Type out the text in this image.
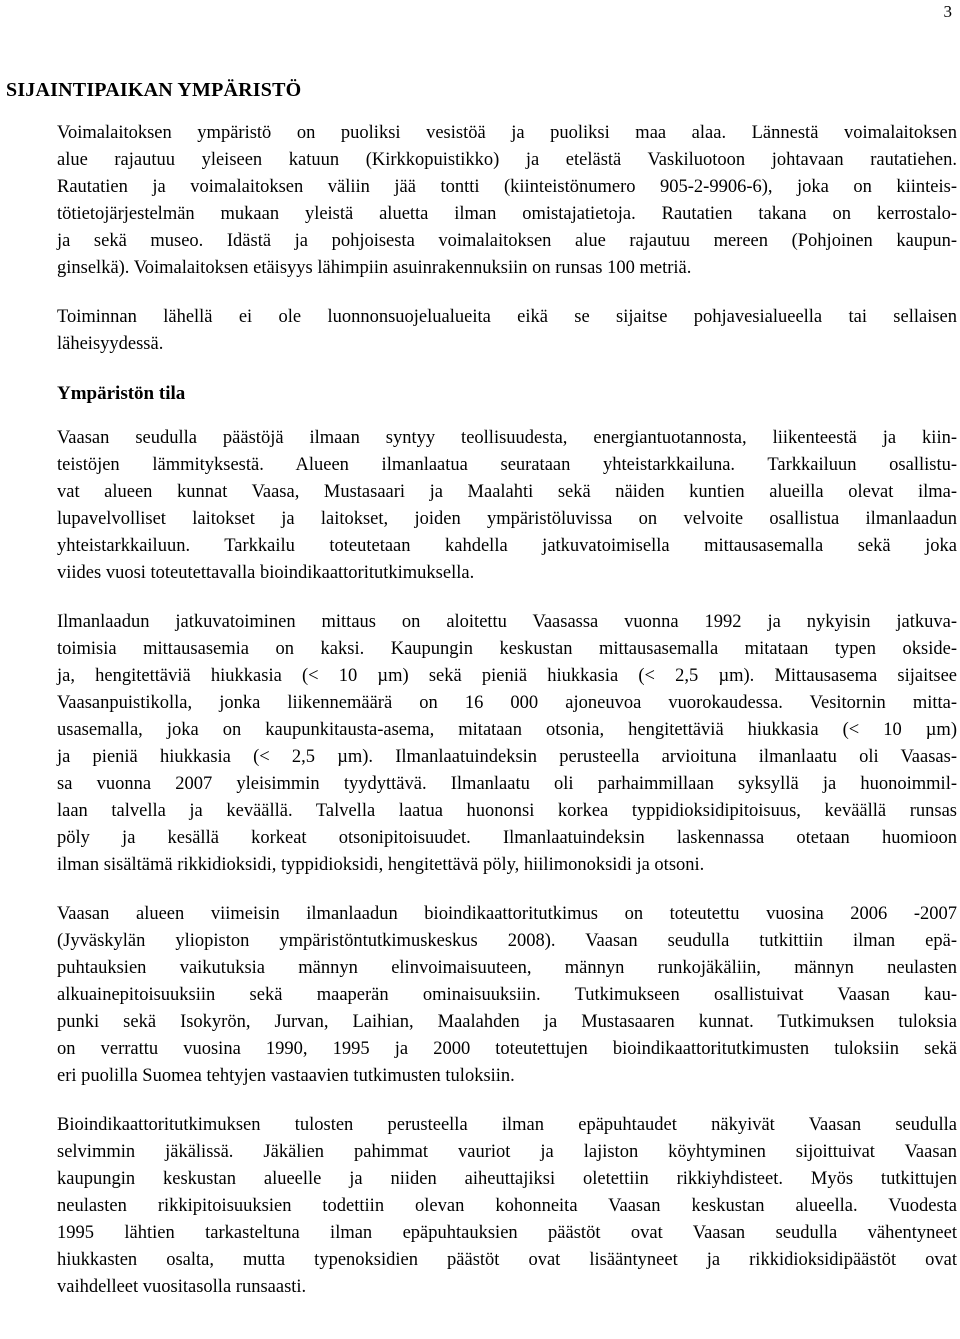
3
SIJAINTIPAIKAN YMPÄRISTÖ
Voimalaitoksen ympäristö on puoliksi vesistöä ja puoliksi maa alaa. Lännestä voimalaitoksen
alue rajautuu yleiseen katuun (Kirkkopuistikko) ja etelästä Vaskiluotoon johtavaan rautatiehen.
Rautatien ja voimalaitoksen väliin jää tontti (kiinteistönumero 905-2-9906-6), joka on kiinteis-
tötietojärjestelmän mukaan yleistä aluetta ilman omistajatietoja. Rautatien takana on kerrostalo-
ja sekä museo. Idästä ja pohjoisesta voimalaitoksen alue rajautuu mereen (Pohjoinen kaupun-
ginselkä). Voimalaitoksen etäisyys lähimpiin asuinrakennuksiin on runsas 100 metriä.
Toiminnan lähellä ei ole luonnonsuojelualueita eikä se sijaitse pohjavesialueella tai sellaisen
läheisyydessä.
Ympäristön tila
Vaasan seudulla päästöjä ilmaan syntyy teollisuudesta, energiantuotannosta, liikenteestä ja kiin-
teistöjen lämmityksestä. Alueen ilmanlaatua seurataan yhteistarkkailuna. Tarkkailuun osallistu-
vat alueen kunnat Vaasa, Mustasaari ja Maalahti sekä näiden kuntien alueilla olevat ilma-
lupavelvolliset laitokset ja laitokset, joiden ympäristöluvissa on velvoite osallistua ilmanlaadun
yhteistarkkailuun. Tarkkailu toteutetaan kahdella jatkuvatoimisella mittausasemalla sekä joka
viides vuosi toteutettavalla bioindikaattoritutkimuksella.
Ilmanlaadun jatkuvatoiminen mittaus on aloitettu Vaasassa vuonna 1992 ja nykyisin jatkuva-
toimisia mittausasemia on kaksi. Kaupungin keskustan mittausasemalla mitataan typen okside-
ja, hengitettäviä hiukkasia (< 10 µm) sekä pieniä hiukkasia (< 2,5 µm). Mittausasema sijaitsee
Vaasanpuistikolla, jonka liikennemäärä on 16 000 ajoneuvoa vuorokaudessa. Vesitornin mitta-
usasemalla, joka on kaupunkitausta-asema, mitataan otsonia, hengitettäviä hiukkasia (< 10 µm)
ja pieniä hiukkasia (< 2,5 µm). Ilmanlaatuindeksin perusteella arvioituna ilmanlaatu oli Vaasas-
sa vuonna 2007 yleisimmin tyydyttävä. Ilmanlaatu oli parhaimmillaan syksyllä ja huonoimmil-
laan talvella ja keväällä. Talvella laatua huononsi korkea typpidioksidipitoisuus, keväällä runsas
pöly ja kesällä korkeat otsonipitoisuudet. Ilmanlaatuindeksin laskennassa otetaan huomioon
ilman sisältämä rikkidioksidi, typpidioksidi, hengitettävä pöly, hiilimonoksidi ja otsoni.
Vaasan alueen viimeisin ilmanlaadun bioindikaattoritutkimus on toteutettu vuosina 2006 -2007
(Jyväskylän yliopiston ympäristöntutkimuskeskus 2008). Vaasan seudulla tutkittiin ilman epä-
puhtauksien vaikutuksia männyn elinvoimaisuuteen, männyn runkojäkäliin, männyn neulasten
alkuainepitoisuuksiin sekä maaperän ominaisuuksiin. Tutkimukseen osallistuivat Vaasan kau-
punki sekä Isokyrön, Jurvan, Laihian, Maalahden ja Mustasaaren kunnat. Tutkimuksen tuloksia
on verrattu vuosina 1990, 1995 ja 2000 toteutettujen bioindikaattoritutkimusten tuloksiin sekä
eri puolilla Suomea tehtyjen vastaavien tutkimusten tuloksiin.
Bioindikaattoritutkimuksen tulosten perusteella ilman epäpuhtaudet näkyivät Vaasan seudulla
selvimmin jäkälissä. Jäkälien pahimmat vauriot ja lajiston köyhtyminen sijoittuivat Vaasan
kaupungin keskustan alueelle ja niiden aiheuttajiksi oletettiin rikkiyhdisteet. Myös tutkittujen
neulasten rikkipitoisuuksien todettiin olevan kohonneita Vaasan keskustan alueella. Vuodesta
1995 lähtien tarkasteltuna ilman epäpuhtauksien päästöt ovat Vaasan seudulla vähentyneet
hiukkasten osalta, mutta typenoksidien päästöt ovat lisääntyneet ja rikkidioksidipäästöt ovat
vaihdelleet vuositasolla runsaasti.
